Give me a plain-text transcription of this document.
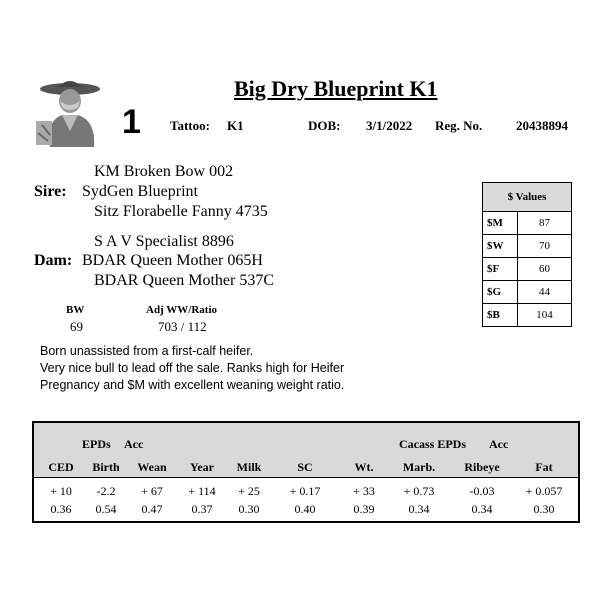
1
Big Dry Blueprint K1
Tattoo: K1	DOB: 3/1/2022 Reg. No.	20438894
KM Broken Bow 002
Sire: SydGen Blueprint
Sitz Florabelle Fanny 4735
S A V Specialist 8896
Dam: BDAR Queen Mother 065H
BDAR Queen Mother 537C
$ Values	
$M	87
$W	70
$F	60
$G	44
$B	104
BW
69
Adj WW/Ratio
703 / 112
Born unassisted from a first-calf heifer.
Very nice bull to lead off the sale. Ranks high for Heifer
Pregnancy and $M with excellent weaning weight ratio.
EPDs Acc	Cacass EPDs Acc
CED	Birth	Wean	Year	Milk	SC	Wt.	Marb.	Ribeye	Fat
+ 10	-2.2	+ 67	+ 114	+ 25	+ 0.17	+ 33	+ 0.73	-0.03	+ 0.057
0.36	0.54	0.47	0.37	0.30	0.40	0.39	0.34	0.34	0.30
